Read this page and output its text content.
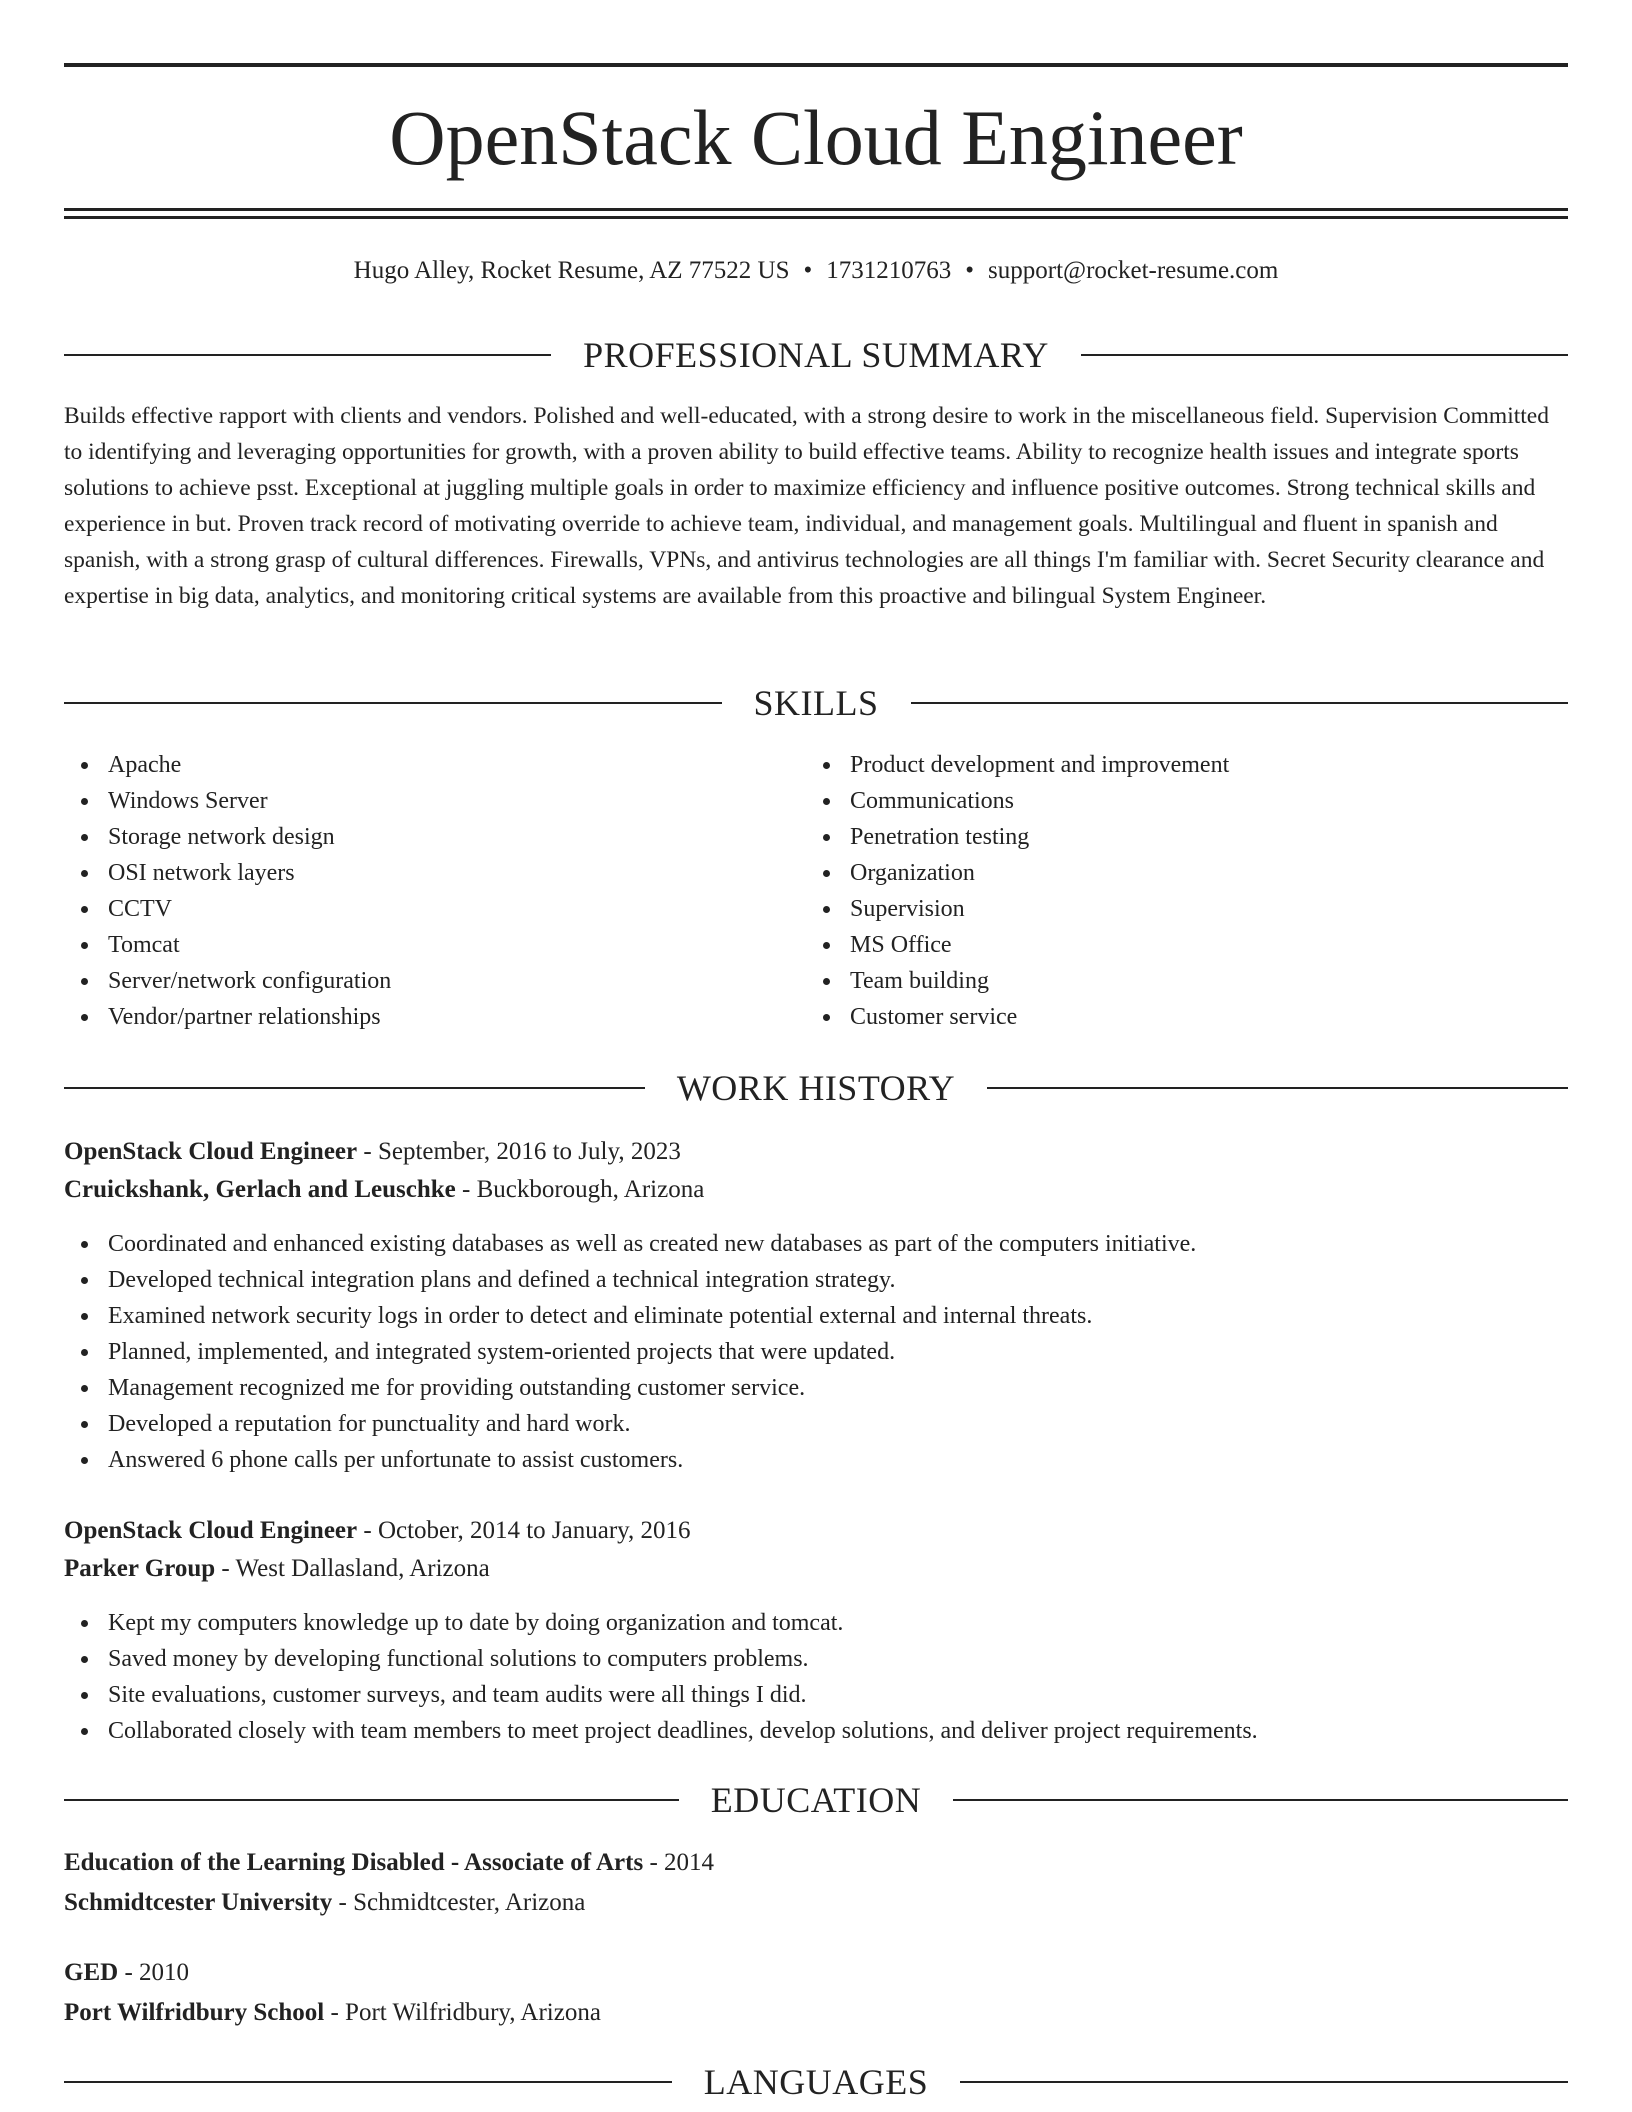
OpenStack Cloud Engineer
Hugo Alley, Rocket Resume, AZ 77522 US • 1731210763 • support@rocket-resume.com
PROFESSIONAL SUMMARY

Builds effective rapport with clients and vendors. Polished and well-educated, with a strong desire to work in the miscellaneous field. Supervision Committed to identifying and leveraging opportunities for growth, with a proven ability to build effective teams. Ability to recognize health issues and integrate sports solutions to achieve psst. Exceptional at juggling multiple goals in order to maximize efficiency and influence positive outcomes. Strong technical skills and experience in but. Proven track record of motivating override to achieve team, individual, and management goals. Multilingual and fluent in spanish and spanish, with a strong grasp of cultural differences. Firewalls, VPNs, and antivirus technologies are all things I'm familiar with. Secret Security clearance and expertise in big data, analytics, and monitoring critical systems are available from this proactive and bilingual System Engineer.

SKILLS
Apache
Windows Server
Storage network design
OSI network layers
CCTV
Tomcat
Server/network configuration
Vendor/partner relationships
Product development and improvement
Communications
Penetration testing
Organization
Supervision
MS Office
Team building
Customer service
WORK HISTORY
OpenStack Cloud Engineer - September, 2016 to July, 2023
Cruickshank, Gerlach and Leuschke - Buckborough, Arizona
Coordinated and enhanced existing databases as well as created new databases as part of the computers initiative.
Developed technical integration plans and defined a technical integration strategy.
Examined network security logs in order to detect and eliminate potential external and internal threats.
Planned, implemented, and integrated system-oriented projects that were updated.
Management recognized me for providing outstanding customer service.
Developed a reputation for punctuality and hard work.
Answered 6 phone calls per unfortunate to assist customers.
OpenStack Cloud Engineer - October, 2014 to January, 2016
Parker Group - West Dallasland, Arizona
Kept my computers knowledge up to date by doing organization and tomcat.
Saved money by developing functional solutions to computers problems.
Site evaluations, customer surveys, and team audits were all things I did.
Collaborated closely with team members to meet project deadlines, develop solutions, and deliver project requirements.
EDUCATION
Education of the Learning Disabled - Associate of Arts - 2014
Schmidtcester University - Schmidtcester, Arizona
GED - 2010
Port Wilfridbury School - Port Wilfridbury, Arizona
LANGUAGES
